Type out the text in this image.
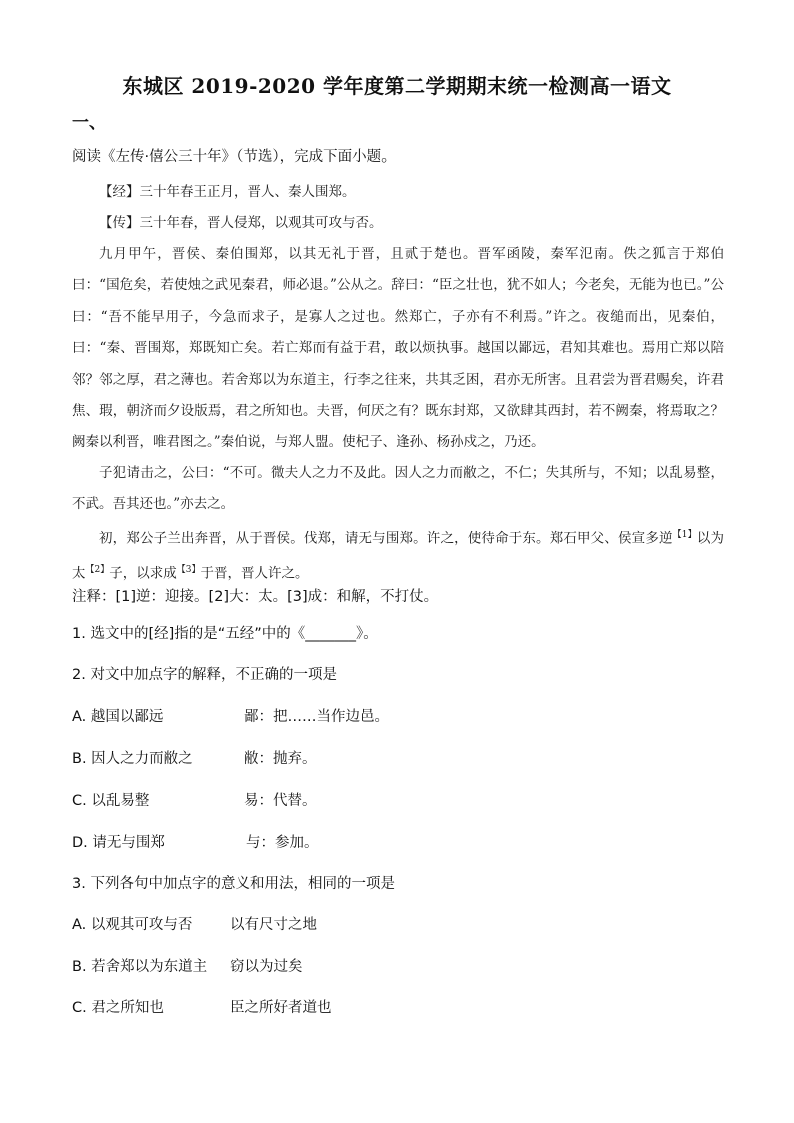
东城区 2019-2020 学年度第二学期期末统一检测高一语文
一、
阅读《左传·僖公三十年》（节选），完成下面小题。
【经】三十年春王正月，晋人、秦人围郑。
【传】三十年春，晋人侵郑，以观其可攻与否。
九月甲午，晋侯、秦伯围郑，以其无礼于晋，且贰于楚也。晋军函陵，秦军氾南。佚之狐言于郑伯曰：“国危矣，若使烛之武见秦君，师必退。”公从之。辞曰：“臣之壮也，犹不如人；今老矣，无能为也已。”公曰：“吾不能早用子，今急而求子，是寡人之过也。然郑亡，子亦有不利焉。”许之。夜缒而出，见秦伯，曰：“秦、晋围郑，郑既知亡矣。若亡郑而有益于君，敢以烦执事。越国以鄙远，君知其难也。焉用亡郑以陪邻？邻之厚，君之薄也。若舍郑以为东道主，行李之往来，共其乏困，君亦无所害。且君尝为晋君赐矣，许君焦、瑕，朝济而夕设版焉，君之所知也。夫晋，何厌之有？既东封郑，又欲肆其西封，若不阙秦，将焉取之？阙秦以利晋，唯君图之。”秦伯说，与郑人盟。使杞子、逢孙、杨孙戍之，乃还。
子犯请击之，公曰：“不可。微夫人之力不及此。因人之力而敝之，不仁；失其所与，不知；以乱易整，不武。吾其还也。”亦去之。
初，郑公子兰出奔晋，从于晋侯。伐郑，请无与围郑。许之，使待命于东。郑石甲父、侯宣多逆$^{【1】}$以为太$^{【2】}$子，以求成$^{【3】}$于晋，晋人许之。
注释：[1]逆：迎接。[2]大：太。[3]成：和解，不打仗。
1. 选文中的[经]指的是“五经”中的《_______》。
2. 对文中加点字的解释，不正确的一项是
A. 越国以鄙远	鄙：把……当作边邑。
B. 因人之力而敝之	敝：抛弃。
C. 以乱易整	易：代替。
D. 请无与围郑	与：参加。
3. 下列各句中加点字的意义和用法，相同的一项是
A. 以观其可攻与否	以有尺寸之地
B. 若舍郑以为东道主 窃以为过矣
C. 君之所知也	臣之所好者道也
